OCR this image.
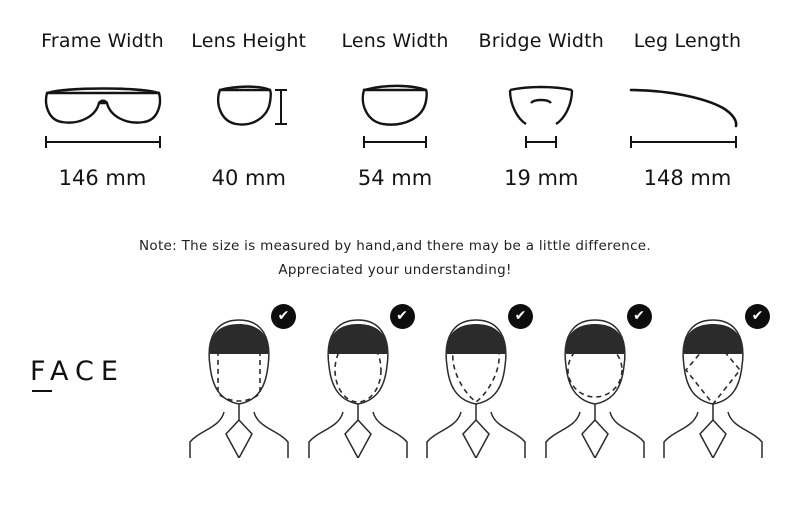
Frame Width
146 mm
Lens Height
40 mm
Lens Width
54 mm
Bridge Width
19 mm
Leg Length
148 mm
Note: The size is measured by hand,and there may be a little difference.
Appreciated your understanding!
FACE
✔	✔	✔	✔	✔
